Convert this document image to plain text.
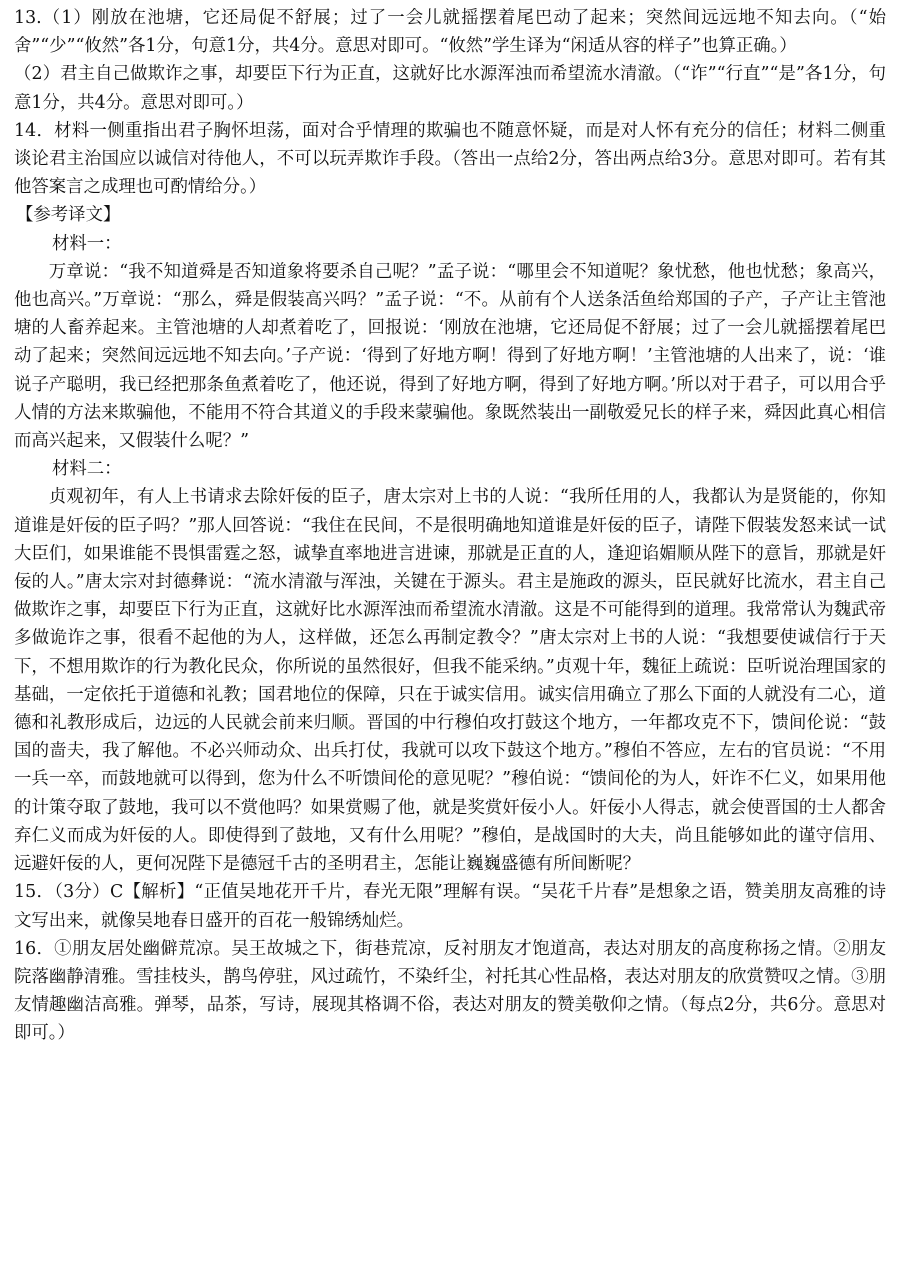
13.（1）刚放在池塘，它还局促不舒展；过了一会儿就摇摆着尾巴动了起来；突然间远远地不知去向。（“始舍”“少”“攸然”各1分，句意1分，共4分。意思对即可。“攸然”学生译为“闲适从容的样子”也算正确。）

（2）君主自己做欺诈之事，却要臣下行为正直，这就好比水源浑浊而希望流水清澈。（“诈”“行直”“是”各1分，句意1分，共4分。意思对即可。）

14．材料一侧重指出君子胸怀坦荡，面对合乎情理的欺骗也不随意怀疑，而是对人怀有充分的信任；材料二侧重谈论君主治国应以诚信对待他人，不可以玩弄欺诈手段。（答出一点给2分，答出两点给3分。意思对即可。若有其他答案言之成理也可酌情给分。）

【参考译文】

材料一：

万章说：“我不知道舜是否知道象将要杀自己呢？”孟子说：“哪里会不知道呢？象忧愁，他也忧愁；象高兴，他也高兴。”万章说：“那么，舜是假装高兴吗？”孟子说：“不。从前有个人送条活鱼给郑国的子产，子产让主管池塘的人畜养起来。主管池塘的人却煮着吃了，回报说：‘刚放在池塘，它还局促不舒展；过了一会儿就摇摆着尾巴动了起来；突然间远远地不知去向。’子产说：‘得到了好地方啊！得到了好地方啊！’主管池塘的人出来了，说：‘谁说子产聪明，我已经把那条鱼煮着吃了，他还说，得到了好地方啊，得到了好地方啊。’所以对于君子，可以用合乎人情的方法来欺骗他，不能用不符合其道义的手段来蒙骗他。象既然装出一副敬爱兄长的样子来，舜因此真心相信而高兴起来，又假装什么呢？”

材料二：

贞观初年，有人上书请求去除奸佞的臣子，唐太宗对上书的人说：“我所任用的人，我都认为是贤能的，你知道谁是奸佞的臣子吗？”那人回答说：“我住在民间，不是很明确地知道谁是奸佞的臣子，请陛下假装发怒来试一试大臣们，如果谁能不畏惧雷霆之怒，诚挚直率地进言进谏，那就是正直的人，逢迎谄媚顺从陛下的意旨，那就是奸佞的人。”唐太宗对封德彝说：“流水清澈与浑浊，关键在于源头。君主是施政的源头，臣民就好比流水，君主自己做欺诈之事，却要臣下行为正直，这就好比水源浑浊而希望流水清澈。这是不可能得到的道理。我常常认为魏武帝多做诡诈之事，很看不起他的为人，这样做，还怎么再制定教令？”唐太宗对上书的人说：“我想要使诚信行于天下，不想用欺诈的行为教化民众，你所说的虽然很好，但我不能采纳。”贞观十年，魏征上疏说：臣听说治理国家的基础，一定依托于道德和礼教；国君地位的保障，只在于诚实信用。诚实信用确立了那么下面的人就没有二心，道德和礼教形成后，边远的人民就会前来归顺。晋国的中行穆伯攻打鼓这个地方，一年都攻克不下，馈间伦说：“鼓国的啬夫，我了解他。不必兴师动众、出兵打仗，我就可以攻下鼓这个地方。”穆伯不答应，左右的官员说：“不用一兵一卒，而鼓地就可以得到，您为什么不听馈间伦的意见呢？”穆伯说：“馈间伦的为人，奸诈不仁义，如果用他的计策夺取了鼓地，我可以不赏他吗？如果赏赐了他，就是奖赏奸佞小人。奸佞小人得志，就会使晋国的士人都舍弃仁义而成为奸佞的人。即使得到了鼓地，又有什么用呢？”穆伯，是战国时的大夫，尚且能够如此的谨守信用、远避奸佞的人，更何况陛下是德冠千古的圣明君主，怎能让巍巍盛德有所间断呢？

15．（3分）C【解析】“正值吴地花开千片，春光无限”理解有误。“吴花千片春”是想象之语，赞美朋友高雅的诗文写出来，就像吴地春日盛开的百花一般锦绣灿烂。

16．①朋友居处幽僻荒凉。吴王故城之下，街巷荒凉，反衬朋友才饱道高，表达对朋友的高度称扬之情。②朋友院落幽静清雅。雪挂枝头，鹊鸟停驻，风过疏竹，不染纤尘，衬托其心性品格，表达对朋友的欣赏赞叹之情。③朋友情趣幽洁高雅。弹琴，品茶，写诗，展现其格调不俗，表达对朋友的赞美敬仰之情。（每点2分，共6分。意思对即可。）
